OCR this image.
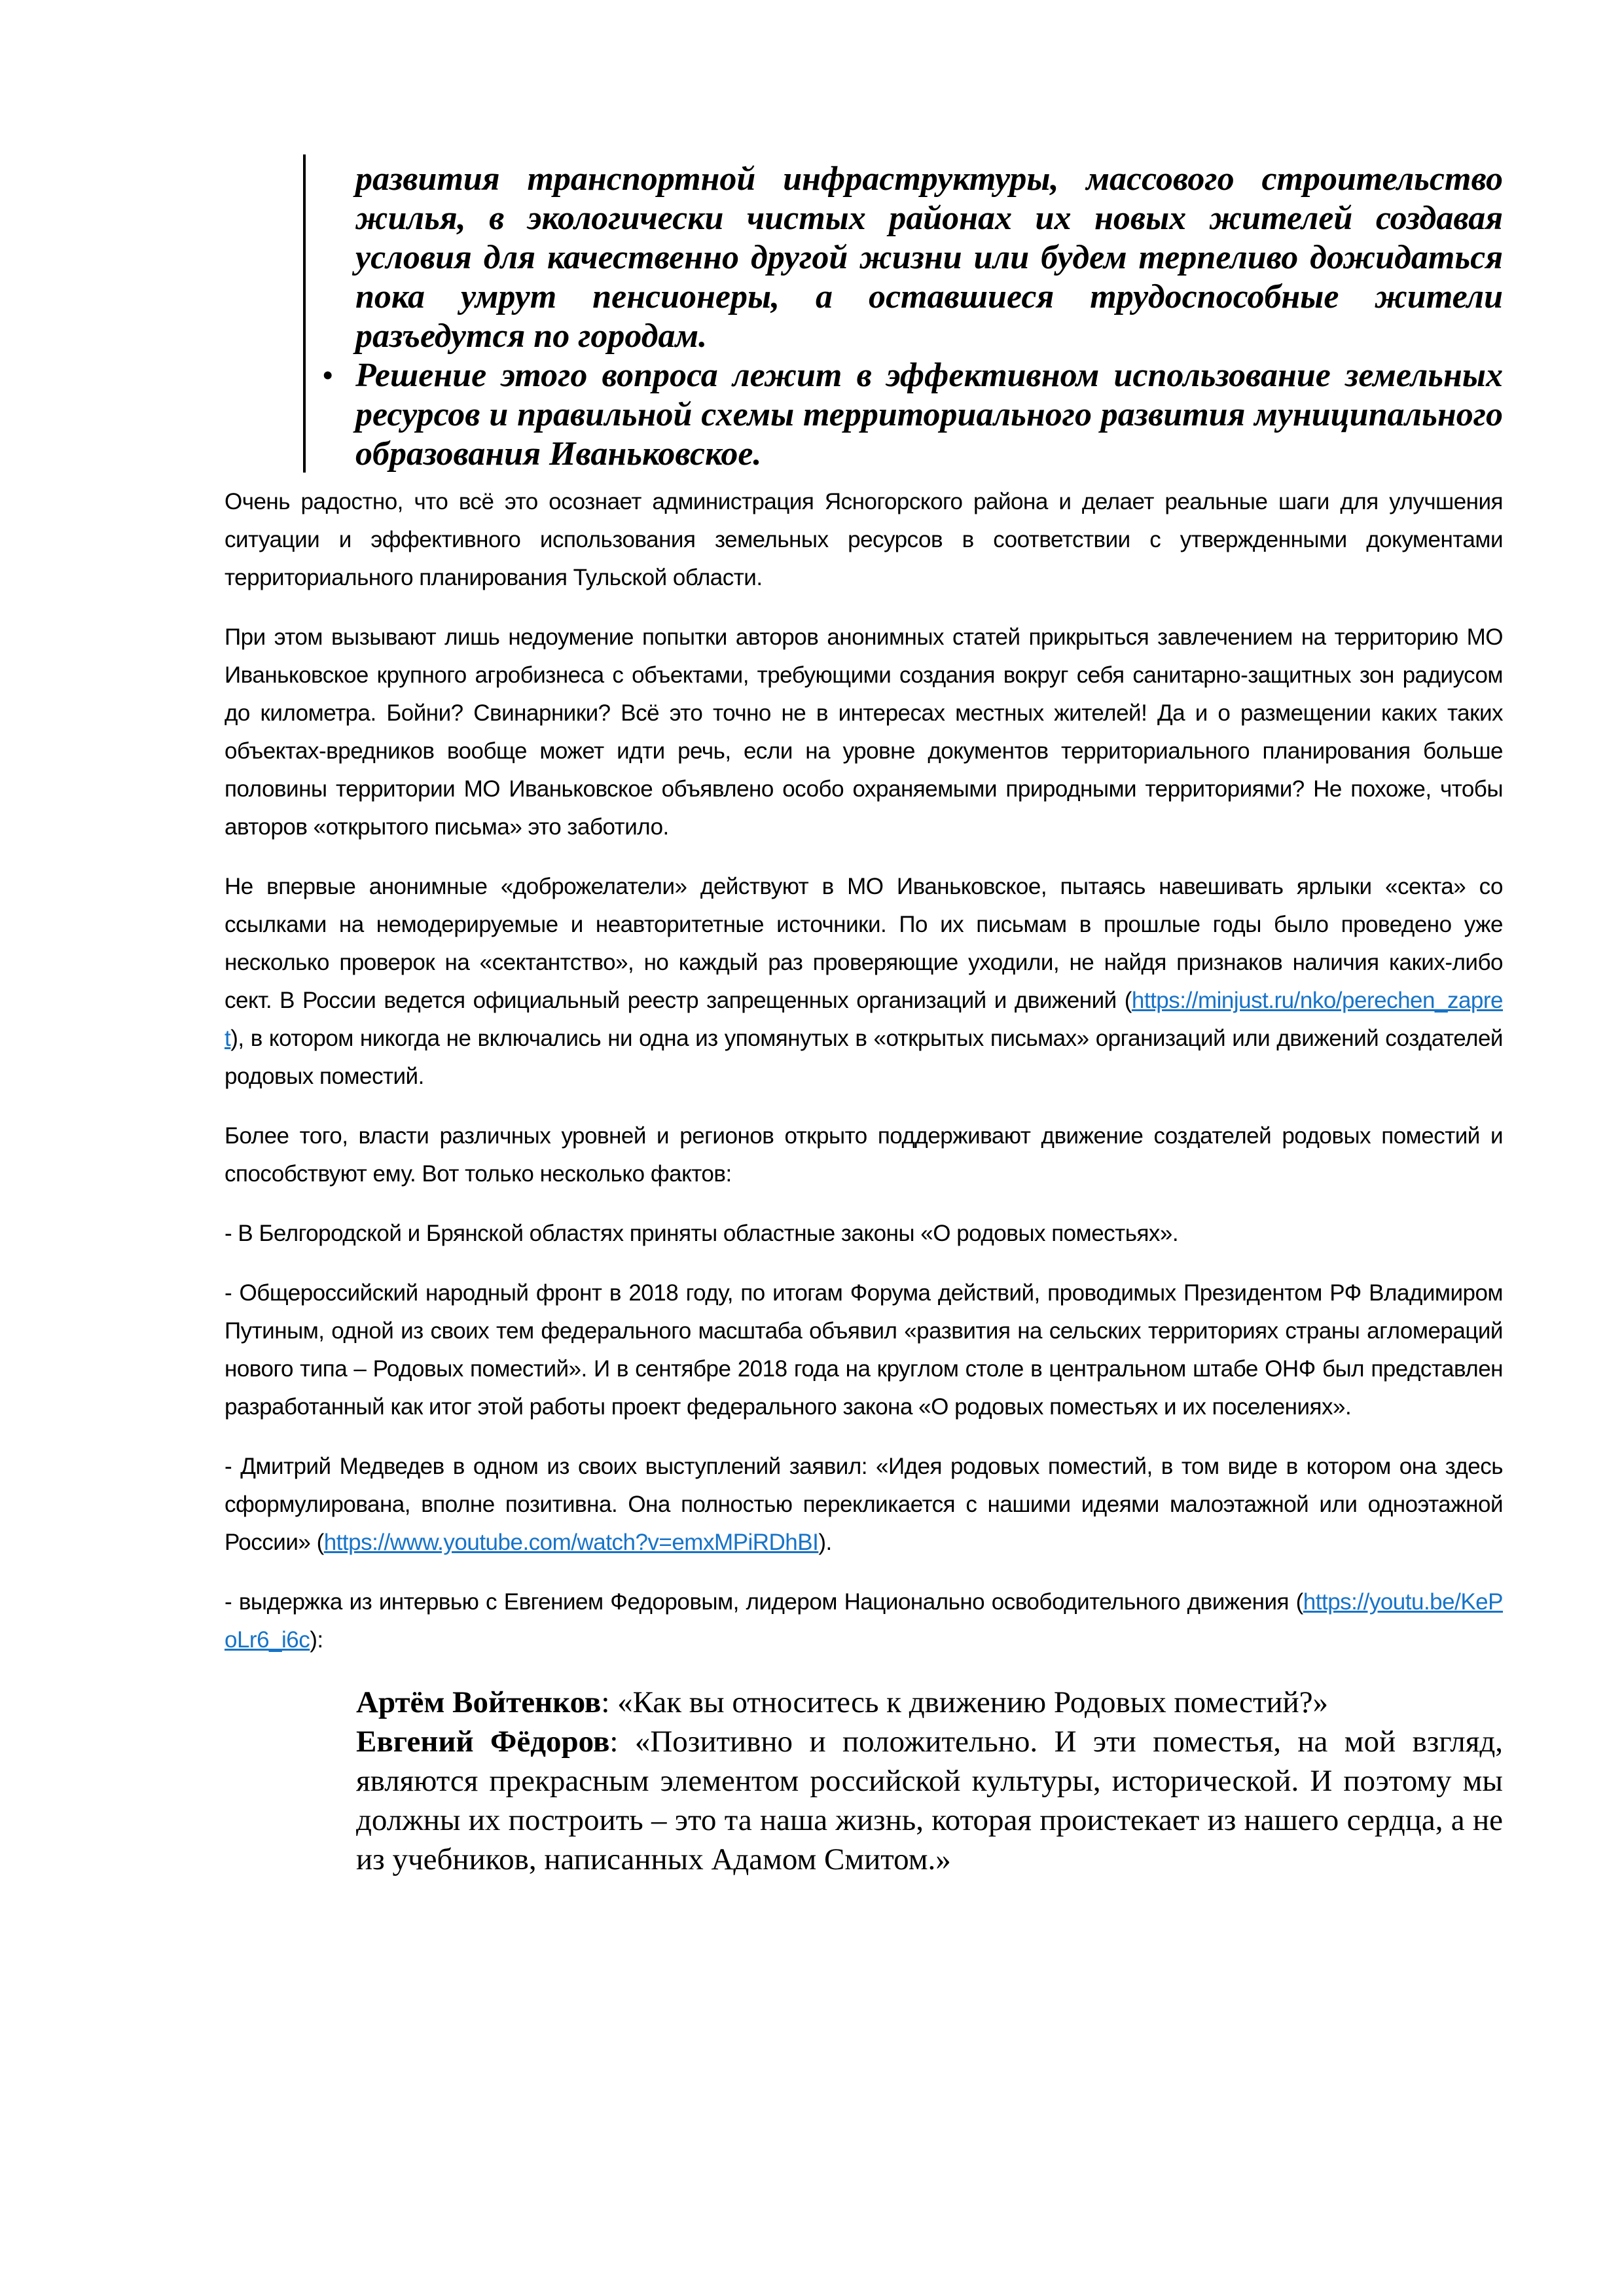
развития транспортной инфраструктуры, массового строительство жилья, в экологически чистых районах их новых жителей создавая условия для качественно другой жизни или будем терпеливо дожидаться пока умрут пенсионеры, а оставшиеся трудоспособные жители разъедутся по городам.
• Решение этого вопроса лежит в эффективном использование земельных ресурсов и правильной схемы территориального развития муниципального образования Иваньковское.

Очень радостно, что всё это осознает администрация Ясногорского района и делает реальные шаги для улучшения ситуации и эффективного использования земельных ресурсов в соответствии с утвержденными документами территориального планирования Тульской области.

При этом вызывают лишь недоумение попытки авторов анонимных статей прикрыться завлечением на территорию МО Иваньковское крупного агробизнеса с объектами, требующими создания вокруг себя санитарно-защитных зон радиусом до километра. Бойни? Свинарники? Всё это точно не в интересах местных жителей! Да и о размещении каких таких объектах-вредников вообще может идти речь, если на уровне документов территориального планирования больше половины территории МО Иваньковское объявлено особо охраняемыми природными территориями? Не похоже, чтобы авторов «открытого письма» это заботило.

Не впервые анонимные «доброжелатели» действуют в МО Иваньковское, пытаясь навешивать ярлыки «секта» со ссылками на немодерируемые и неавторитетные источники. По их письмам в прошлые годы было проведено уже несколько проверок на «сектантство», но каждый раз проверяющие уходили, не найдя признаков наличия каких-либо сект. В России ведется официальный реестр запрещенных организаций и движений (https://minjust.ru/nko/perechen_zapret), в котором никогда не включались ни одна из упомянутых в «открытых письмах» организаций или движений создателей родовых поместий.

Более того, власти различных уровней и регионов открыто поддерживают движение создателей родовых поместий и способствуют ему. Вот только несколько фактов:

- В Белгородской и Брянской областях приняты областные законы «О родовых поместьях».

- Общероссийский народный фронт в 2018 году, по итогам Форума действий, проводимых Президентом РФ Владимиром Путиным, одной из своих тем федерального масштаба объявил «развития на сельских территориях страны агломераций нового типа – Родовых поместий». И в сентябре 2018 года на круглом столе в центральном штабе ОНФ был представлен разработанный как итог этой работы проект федерального закона «О родовых поместьях и их поселениях».

- Дмитрий Медведев в одном из своих выступлений заявил: «Идея родовых поместий, в том виде в котором она здесь сформулирована, вполне позитивна. Она полностью перекликается с нашими идеями малоэтажной или одноэтажной России» (https://www.youtube.com/watch?v=emxMPiRDhBI).

- выдержка из интервью с Евгением Федоровым, лидером Национально освободительного движения (https://youtu.be/KePoLr6_i6c):

Артём Войтенков: «Как вы относитесь к движению Родовых поместий?»

Евгений Фёдоров: «Позитивно и положительно. И эти поместья, на мой взгляд, являются прекрасным элементом российской культуры, исторической. И поэтому мы должны их построить – это та наша жизнь, которая проистекает из нашего сердца, а не из учебников, написанных Адамом Смитом.»
